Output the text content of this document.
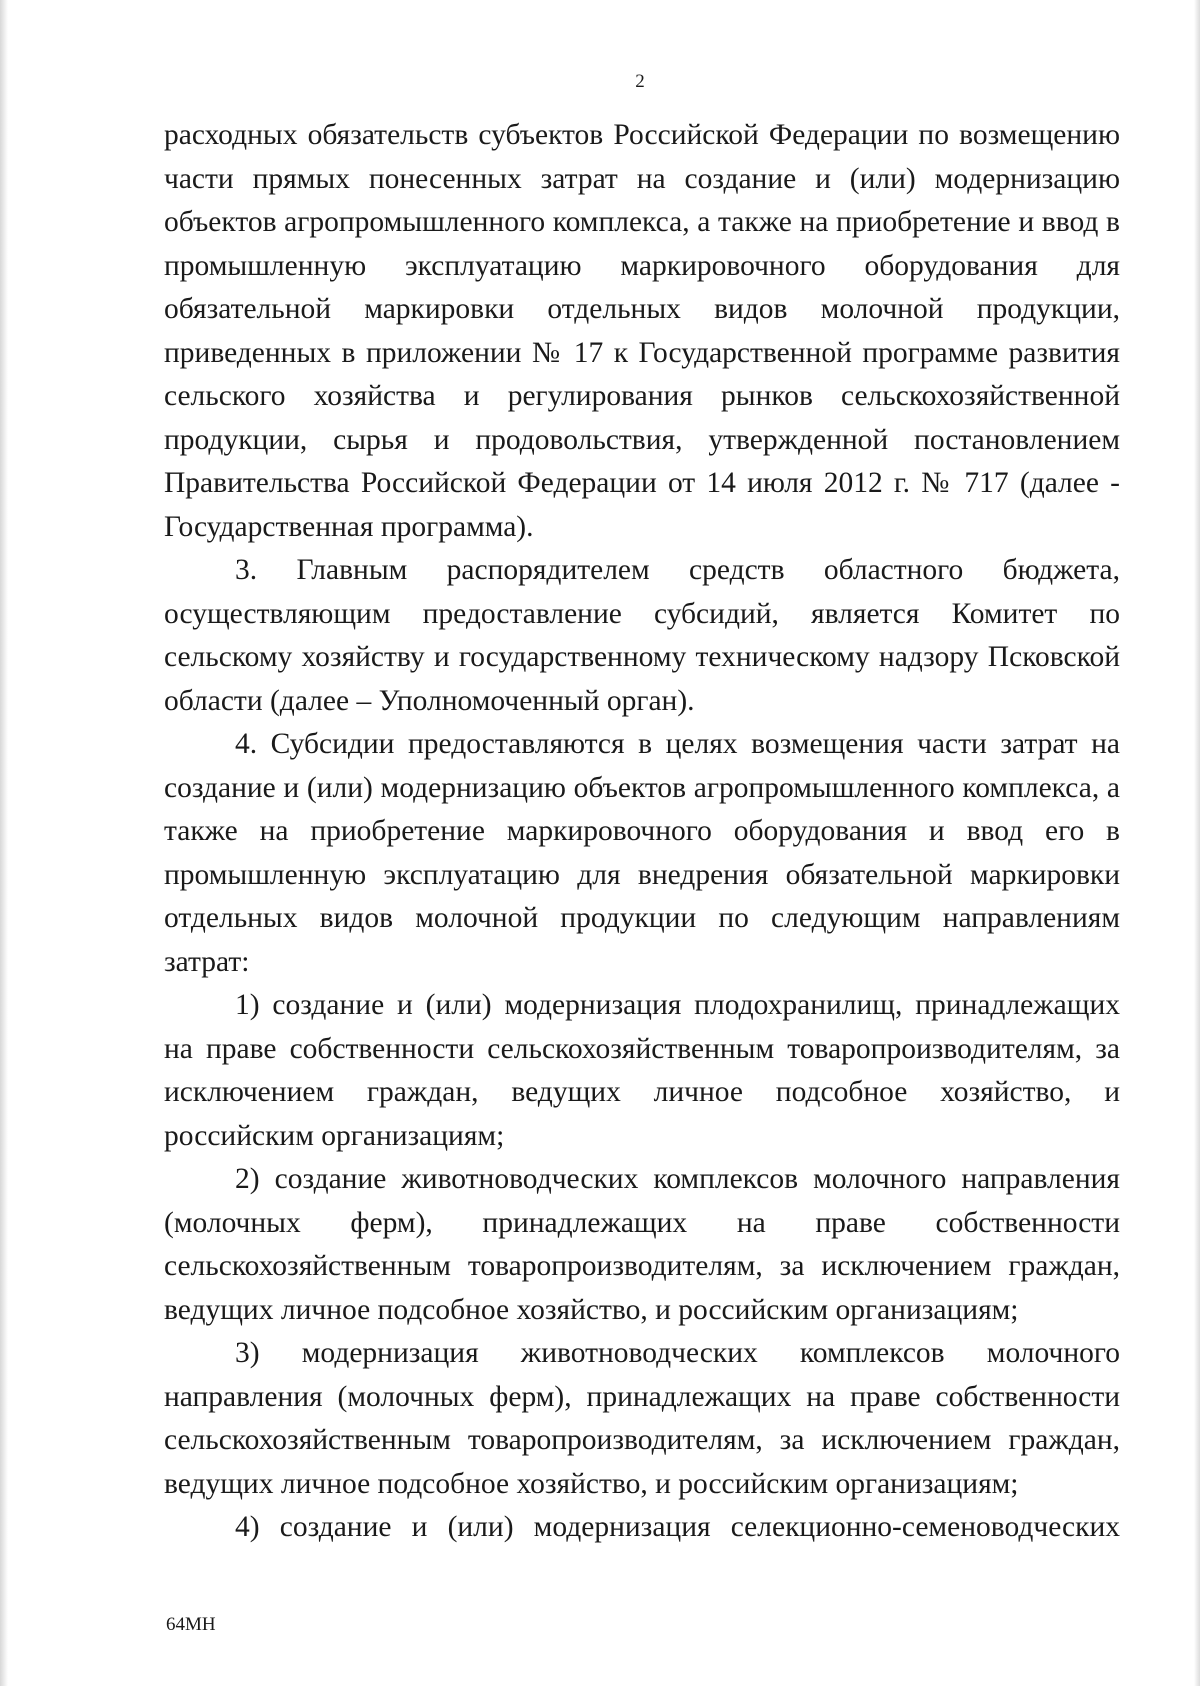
2

расходных обязательств субъектов Российской Федерации по возмещению части прямых понесенных затрат на создание и (или) модернизацию объектов агропромышленного комплекса, а также на приобретение и ввод в промышленную эксплуатацию маркировочного оборудования для обязательной маркировки отдельных видов молочной продукции, приведенных в приложении № 17 к Государственной программе развития сельского хозяйства и регулирования рынков сельскохозяйственной продукции, сырья и продовольствия, утвержденной постановлением Правительства Российской Федерации от 14 июля 2012 г. № 717 (далее - Государственная программа).

3. Главным распорядителем средств областного бюджета, осуществляющим предоставление субсидий, является Комитет по сельскому хозяйству и государственному техническому надзору Псковской области (далее – Уполномоченный орган).

4. Субсидии предоставляются в целях возмещения части затрат на создание и (или) модернизацию объектов агропромышленного комплекса, а также на приобретение маркировочного оборудования и ввод его в промышленную эксплуатацию для внедрения обязательной маркировки отдельных видов молочной продукции по следующим направлениям затрат:

1) создание и (или) модернизация плодохранилищ, принадлежащих на праве собственности сельскохозяйственным товаропроизводителям, за исключением граждан, ведущих личное подсобное хозяйство, и российским организациям;

2) создание животноводческих комплексов молочного направления (молочных ферм), принадлежащих на праве собственности сельскохозяйственным товаропроизводителям, за исключением граждан, ведущих личное подсобное хозяйство, и российским организациям;

3) модернизация животноводческих комплексов молочного направления (молочных ферм), принадлежащих на праве собственности сельскохозяйственным товаропроизводителям, за исключением граждан, ведущих личное подсобное хозяйство, и российским организациям;

4) создание и (или) модернизация селекционно-семеноводческих

64МН
